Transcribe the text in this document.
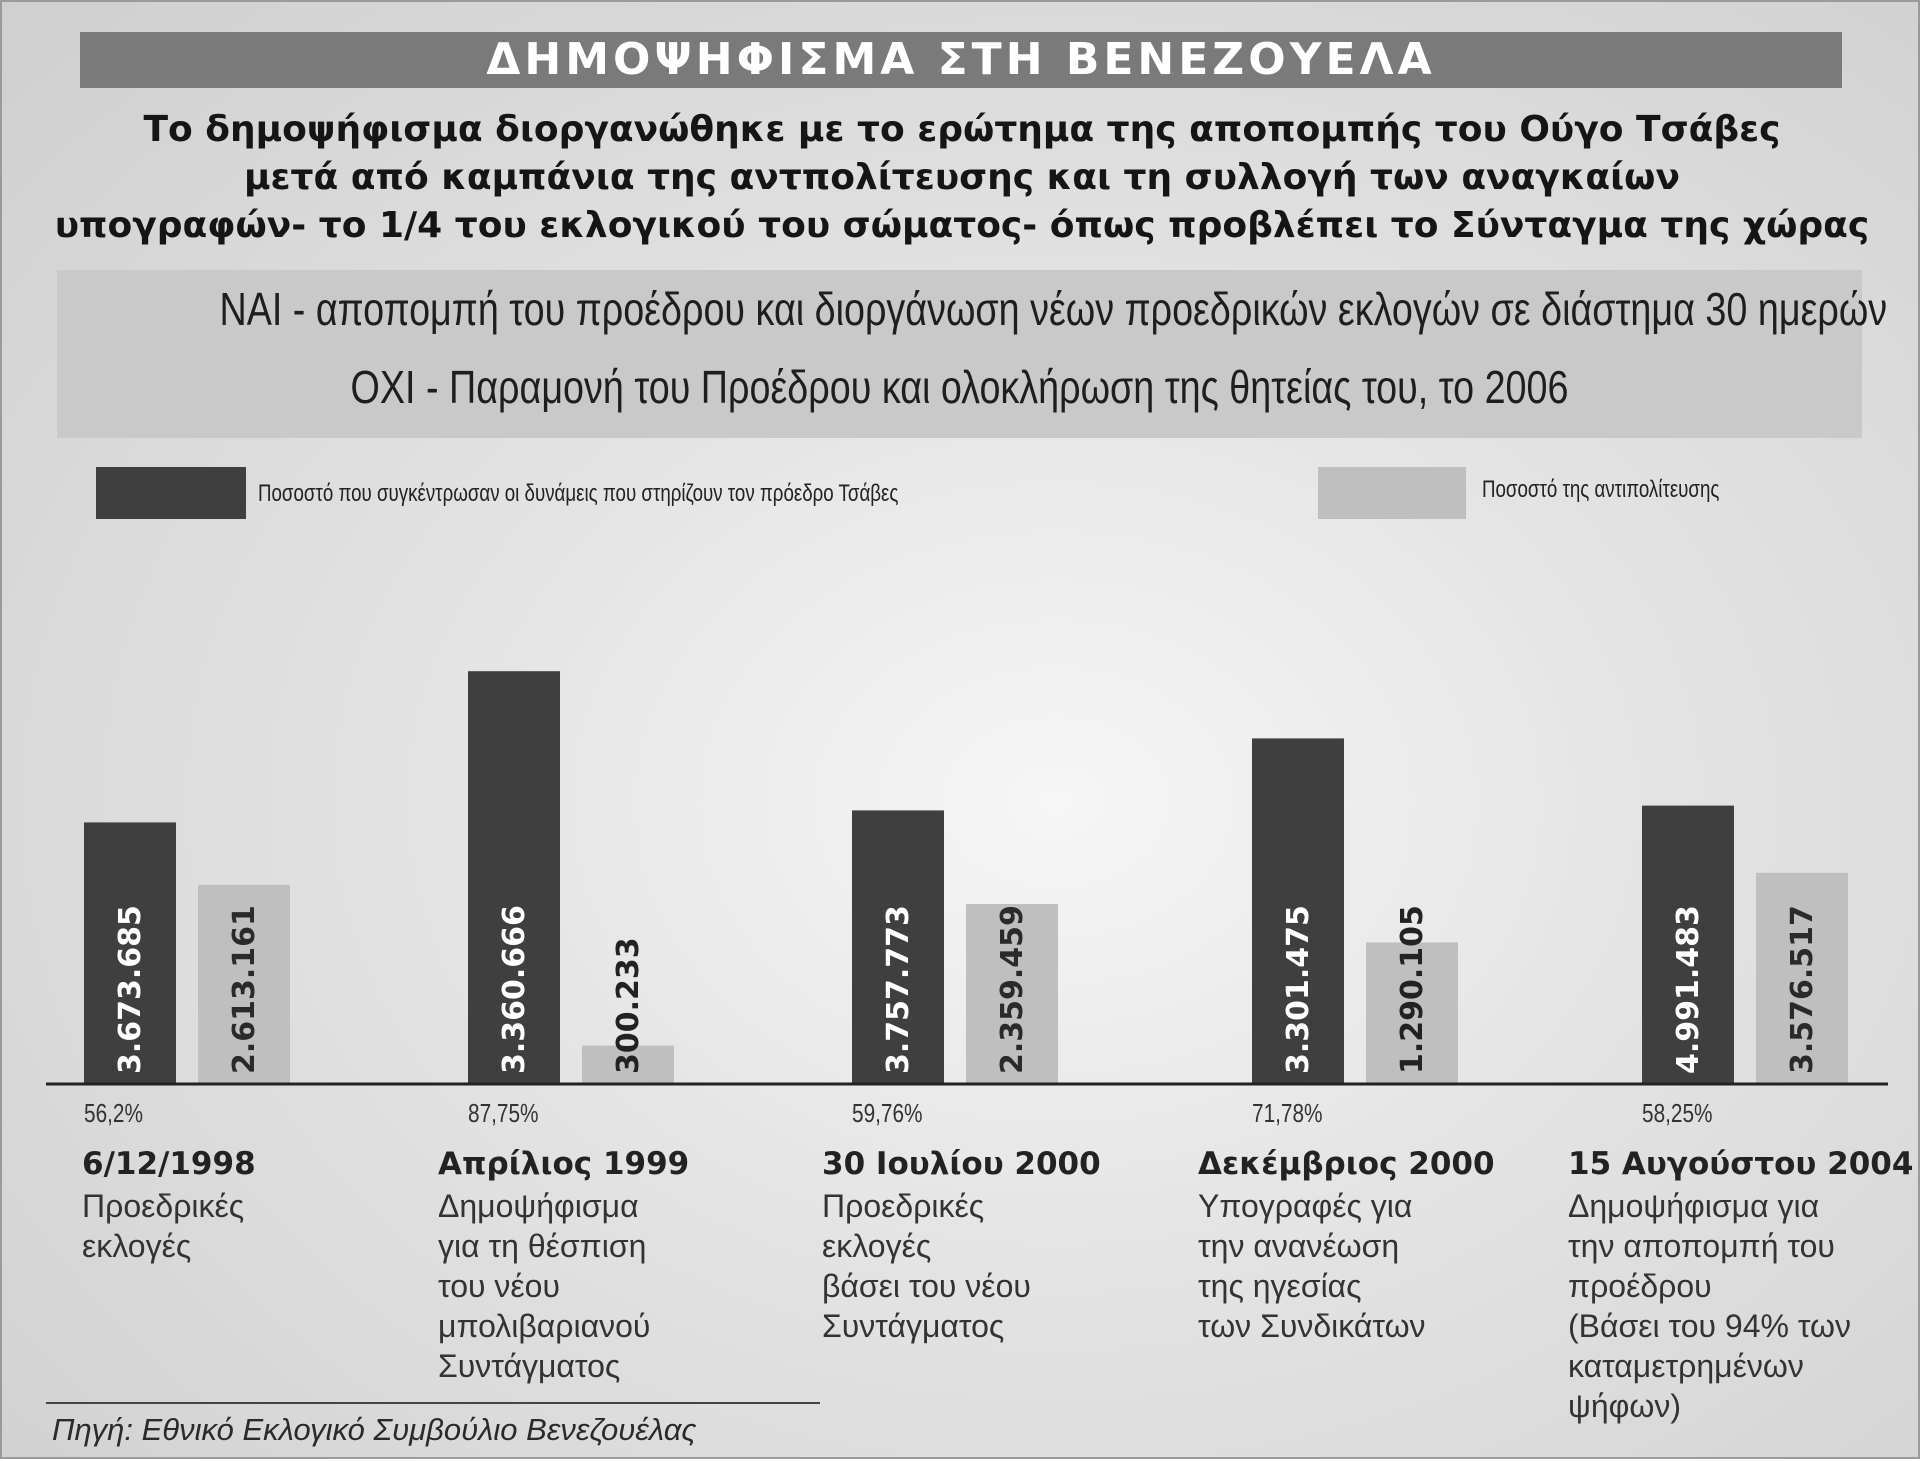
ΔΗΜΟΨΗΦΙΣΜΑ ΣΤΗ ΒΕΝΕΖΟΥΕΛΑ
Το δημοψήφισμα διοργανώθηκε με το ερώτημα της αποπομπής του Ούγο Τσάβες
μετά από καμπάνια της αντπολίτευσης και τη συλλογή των αναγκαίων
υπογραφών- το 1/4 του εκλογικού του σώματος- όπως προβλέπει το Σύνταγμα της χώρας
ΝΑΙ - αποπομπή του προέδρου και διοργάνωση νέων προεδρικών εκλογών σε διάστημα 30 ημερών
ΟΧΙ - Παραμονή του Προέδρου και ολοκλήρωση της θητείας του, το 2006
Ποσοστό που συγκέντρωσαν οι δυνάμεις που στηρίζουν τον πρόεδρο Τσάβες	Ποσοστό της αντιπολίτευσης
3.673.685	3.360.666	3.757.773	3.301.475	4.991.483
2.613.161	300.233	2.359.459	1.290.105	3.576.517
56,2%	87,75%	59,76%	71,78%	58,25%
6/12/1998
Προεδρικές
εκλογές
Απρίλιος 1999
Δημοψήφισμα
για τη θέσπιση
του νέου
μπολιβαριανού
Συντάγματος
30 Ιουλίου 2000
Προεδρικές
εκλογές
βάσει του νέου
Συντάγματος
Δεκέμβριος 2000
Υπογραφές για
την ανανέωση
της ηγεσίας
των Συνδικάτων
15 Αυγούστου 2004
Δημοψήφισμα για
την αποπομπή του
προέδρου
(Βάσει του 94% των
καταμετρημένων
ψήφων)
Πηγή: Εθνικό Εκλογικό Συμβούλιο Βενεζουέλας
